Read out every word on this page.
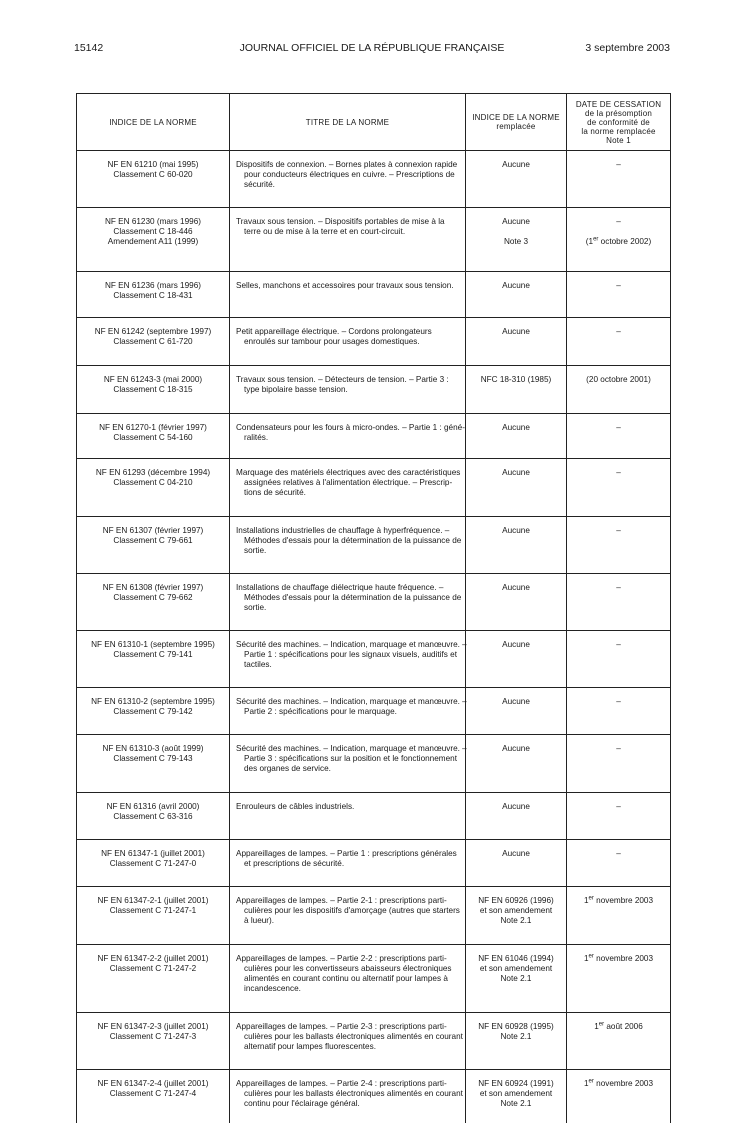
15142	JOURNAL OFFICIEL DE LA RÉPUBLIQUE FRANÇAISE	3 septembre 2003
INDICE DE LA NORME	TITRE DE LA NORME	INDICE DE LA NORME
remplacée	DATE DE CESSATION
de la présomption
de conformité de
la norme remplacée
Note 1

NF EN 61210 (mai 1995)
Classement C 60-020	Dispositifs de connexion. – Bornes plates à connexion rapide
pour conducteurs électriques en cuivre. – Prescriptions de
sécurité.	Aucune	–

NF EN 61230 (mars 1996)
Classement C 18-446
Amendement A11 (1999)	Travaux sous tension. – Dispositifs portables de mise à la
terre ou de mise à la terre et en court-circuit.	Aucune
Note 3	–
(1er octobre 2002)

NF EN 61236 (mars 1996)
Classement C 18-431	Selles, manchons et accessoires pour travaux sous tension.	Aucune	–

NF EN 61242 (septembre 1997)
Classement C 61-720	Petit appareillage électrique. – Cordons prolongateurs
enroulés sur tambour pour usages domestiques.	Aucune	–

NF EN 61243-3 (mai 2000)
Classement C 18-315	Travaux sous tension. – Détecteurs de tension. – Partie 3 :
type bipolaire basse tension.	NFC 18-310 (1985)	(20 octobre 2001)

NF EN 61270-1 (février 1997)
Classement C 54-160	Condensateurs pour les fours à micro-ondes. – Partie 1 : géné-
ralités.	Aucune	–

NF EN 61293 (décembre 1994)
Classement C 04-210	Marquage des matériels électriques avec des caractéristiques
assignées relatives à l'alimentation électrique. – Prescrip-
tions de sécurité.	Aucune	–

NF EN 61307 (février 1997)
Classement C 79-661	Installations industrielles de chauffage à hyperfréquence. –
Méthodes d'essais pour la détermination de la puissance de
sortie.	Aucune	–

NF EN 61308 (février 1997)
Classement C 79-662	Installations de chauffage diélectrique haute fréquence. –
Méthodes d'essais pour la détermination de la puissance de
sortie.	Aucune	–

NF EN 61310-1 (septembre 1995)
Classement C 79-141	Sécurité des machines. – Indication, marquage et manœuvre. –
Partie 1 : spécifications pour les signaux visuels, auditifs et
tactiles.	Aucune	–

NF EN 61310-2 (septembre 1995)
Classement C 79-142	Sécurité des machines. – Indication, marquage et manœuvre. –
Partie 2 : spécifications pour le marquage.	Aucune	–

NF EN 61310-3 (août 1999)
Classement C 79-143	Sécurité des machines. – Indication, marquage et manœuvre. –
Partie 3 : spécifications sur la position et le fonctionnement
des organes de service.	Aucune	–

NF EN 61316 (avril 2000)
Classement C 63-316	Enrouleurs de câbles industriels.	Aucune	–

NF EN 61347-1 (juillet 2001)
Classement C 71-247-0	Appareillages de lampes. – Partie 1 : prescriptions générales
et prescriptions de sécurité.	Aucune	–

NF EN 61347-2-1 (juillet 2001)
Classement C 71-247-1	Appareillages de lampes. – Partie 2-1 : prescriptions parti-
culières pour les dispositifs d'amorçage (autres que starters
à lueur).	NF EN 60926 (1996)
et son amendement
Note 2.1	1er novembre 2003

NF EN 61347-2-2 (juillet 2001)
Classement C 71-247-2	Appareillages de lampes. – Partie 2-2 : prescriptions parti-
culières pour les convertisseurs abaisseurs électroniques
alimentés en courant continu ou alternatif pour lampes à
incandescence.	NF EN 61046 (1994)
et son amendement
Note 2.1	1er novembre 2003

NF EN 61347-2-3 (juillet 2001)
Classement C 71-247-3	Appareillages de lampes. – Partie 2-3 : prescriptions parti-
culières pour les ballasts électroniques alimentés en courant
alternatif pour lampes fluorescentes.	NF EN 60928 (1995)
Note 2.1	1er août 2006

NF EN 61347-2-4 (juillet 2001)
Classement C 71-247-4	Appareillages de lampes. – Partie 2-4 : prescriptions parti-
culières pour les ballasts électroniques alimentés en courant
continu pour l'éclairage général.	NF EN 60924 (1991)
et son amendement
Note 2.1	1er novembre 2003
